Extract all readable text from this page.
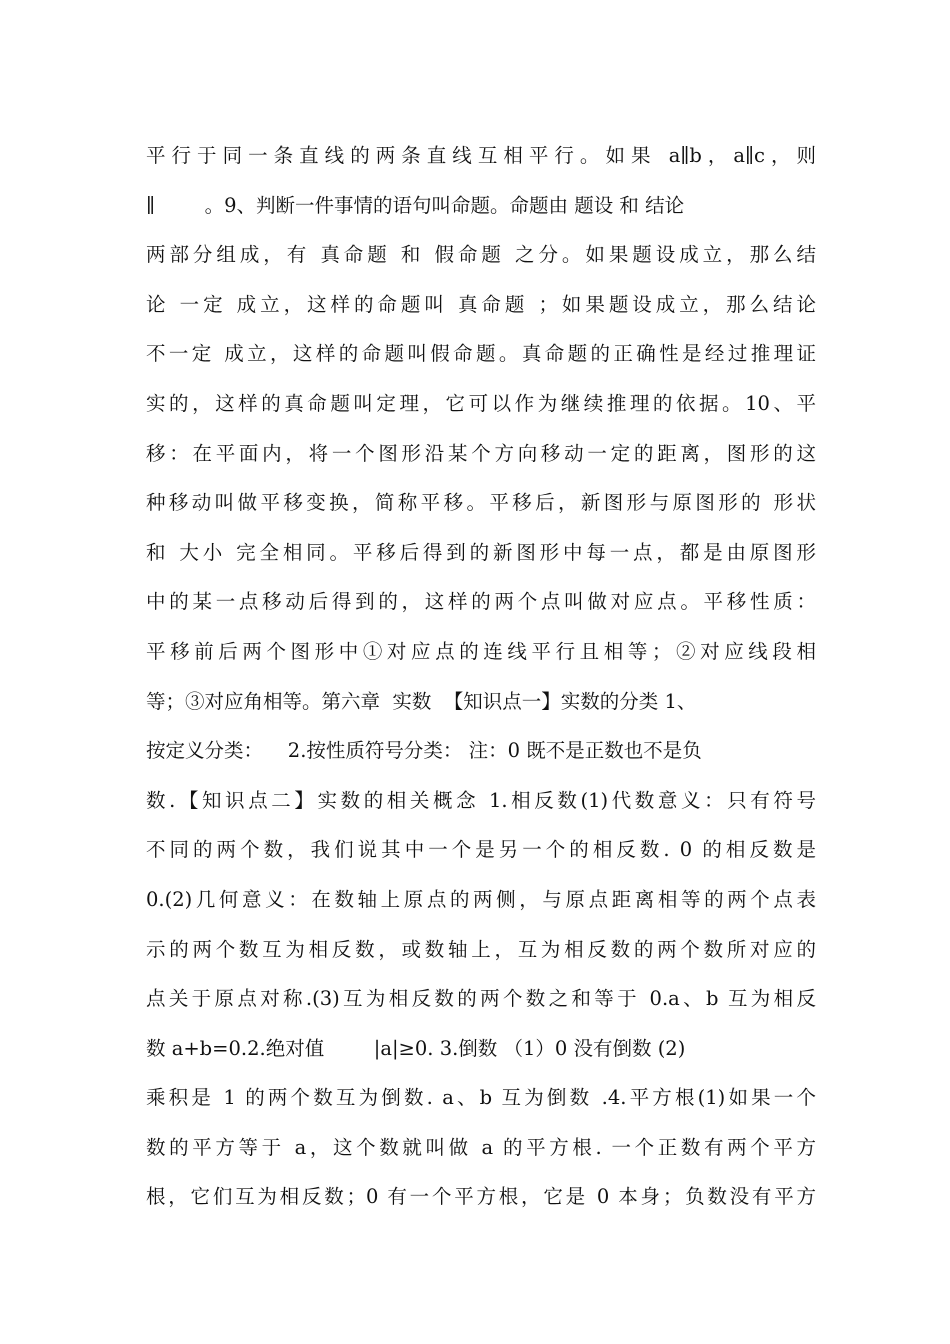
平行于同一条直线的两条直线互相平行。如果 a∥b，a∥c，则
∥        。9、判断一件事情的语句叫命题。命题由 题设 和 结论
两部分组成，有 真命题 和 假命题 之分。如果题设成立，那么结
论 一定 成立，这样的命题叫 真命题 ；如果题设成立，那么结论
不一定 成立，这样的命题叫假命题。真命题的正确性是经过推理证
实的，这样的真命题叫定理，它可以作为继续推理的依据。10、平
移：在平面内，将一个图形沿某个方向移动一定的距离，图形的这
种移动叫做平移变换，简称平移。平移后，新图形与原图形的 形状
和 大小 完全相同。平移后得到的新图形中每一点，都是由原图形
中的某一点移动后得到的，这样的两个点叫做对应点。平移性质：
平移前后两个图形中①对应点的连线平行且相等；②对应线段相
等；③对应角相等。第六章  实数  【知识点一】实数的分类 1、
按定义分类：    2.按性质符号分类： 注：0 既不是正数也不是负
数.【知识点二】实数的相关概念 1.相反数(1)代数意义：只有符号
不同的两个数，我们说其中一个是另一个的相反数. 0 的相反数是
0.(2)几何意义：在数轴上原点的两侧，与原点距离相等的两个点表
示的两个数互为相反数，或数轴上，互为相反数的两个数所对应的
点关于原点对称.(3)互为相反数的两个数之和等于 0.a、b 互为相反
数 a+b=0.2.绝对值        |a|≥0. 3.倒数 （1）0 没有倒数 (2)
乘积是 1 的两个数互为倒数. a、b 互为倒数 .4.平方根(1)如果一个
数的平方等于 a，这个数就叫做 a 的平方根. 一个正数有两个平方
根，它们互为相反数；0 有一个平方根，它是 0 本身；负数没有平方
